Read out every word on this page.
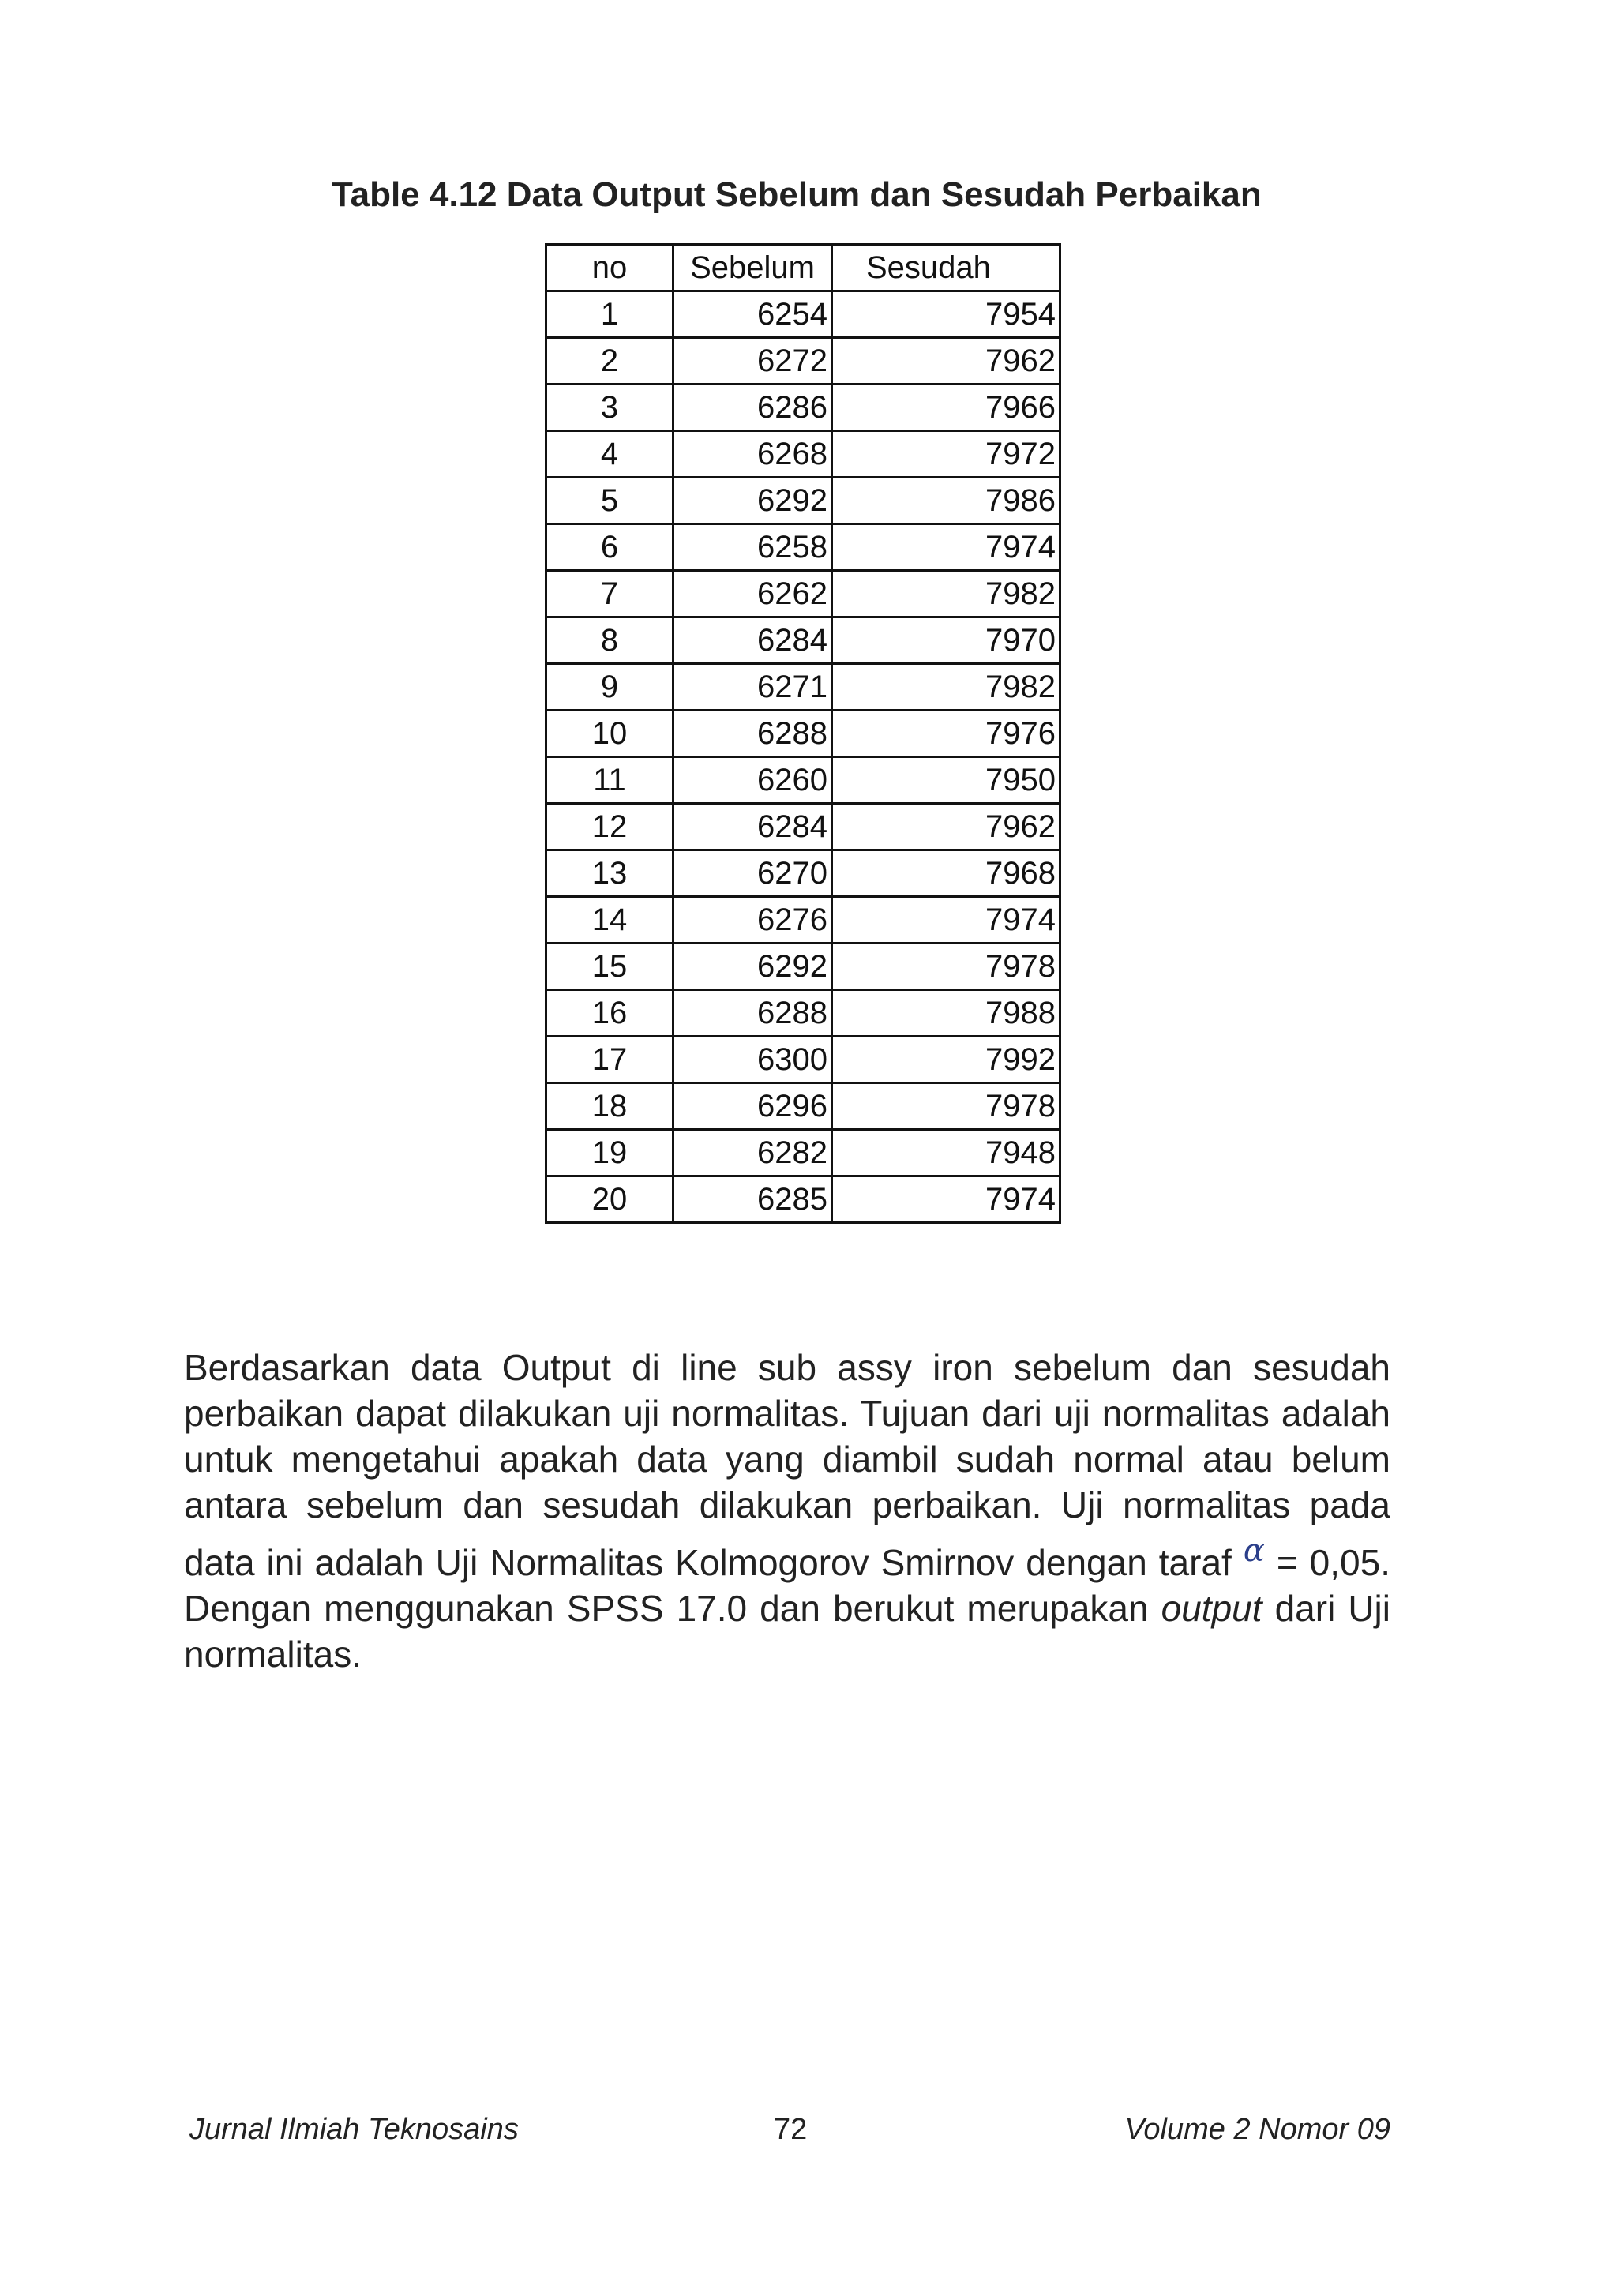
Table 4.12 Data Output Sebelum dan Sesudah Perbaikan
no	Sebelum	Sesudah
1	6254	7954
2	6272	7962
3	6286	7966
4	6268	7972
5	6292	7986
6	6258	7974
7	6262	7982
8	6284	7970
9	6271	7982
10	6288	7976
11	6260	7950
12	6284	7962
13	6270	7968
14	6276	7974
15	6292	7978
16	6288	7988
17	6300	7992
18	6296	7978
19	6282	7948
20	6285	7974
Berdasarkan data Output di line sub assy iron sebelum dan sesudah perbaikan dapat dilakukan uji normalitas. Tujuan dari uji normalitas adalah untuk mengetahui apakah data yang diambil sudah normal atau belum antara sebelum dan sesudah dilakukan perbaikan. Uji normalitas pada data ini adalah Uji Normalitas Kolmogorov Smirnov dengan taraf α = 0,05. Dengan menggunakan SPSS 17.0 dan berukut merupakan output dari Uji normalitas.
Jurnal Ilmiah Teknosains	72	Volume 2 Nomor 09
